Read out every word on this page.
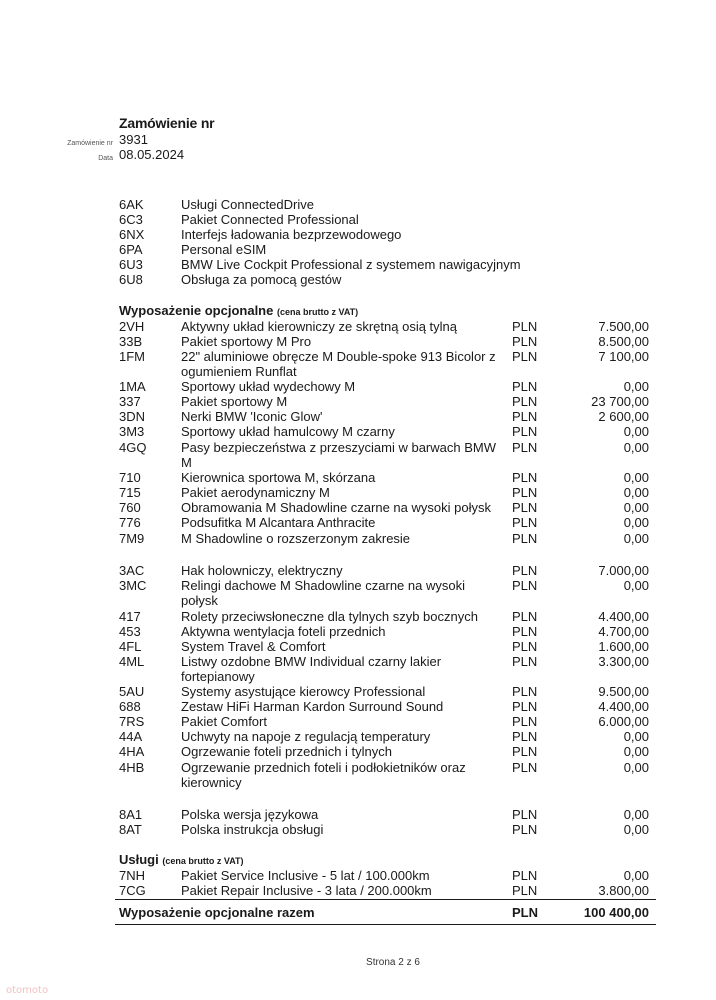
Zamówienie nr
Zamówienie nr 3931
Data 08.05.2024
6AK	Usługi ConnectedDrive
6C3	Pakiet Connected Professional
6NX	Interfejs ładowania bezprzewodowego
6PA	Personal eSIM
6U3	BMW Live Cockpit Professional z systemem nawigacyjnym
6U8	Obsługa za pomocą gestów
Wyposażenie opcjonalne (cena brutto z VAT)
2VH	Aktywny układ kierowniczy ze skrętną osią tylną	PLN	7.500,00
33B	Pakiet sportowy M Pro	PLN	8.500,00
1FM	22" aluminiowe obręcze M Double-spoke 913 Bicolor z	PLN	7 100,00
ogumieniem Runflat
1MA	Sportowy układ wydechowy M	PLN	0,00
337	Pakiet sportowy M	PLN	23 700,00
3DN	Nerki BMW 'Iconic Glow'	PLN	2 600,00
3M3	Sportowy układ hamulcowy M czarny	PLN	0,00
4GQ	Pasy bezpieczeństwa z przeszyciami w barwach BMW	PLN	0,00
M
710	Kierownica sportowa M, skórzana	PLN	0,00
715	Pakiet aerodynamiczny M	PLN	0,00
760	Obramowania M Shadowline czarne na wysoki połysk	PLN	0,00
776	Podsufitka M Alcantara Anthracite	PLN	0,00
7M9	M Shadowline o rozszerzonym zakresie	PLN	0,00
3AC	Hak holowniczy, elektryczny	PLN	7.000,00
3MC	Relingi dachowe M Shadowline czarne na wysoki	PLN	0,00
połysk
417	Rolety przeciwsłoneczne dla tylnych szyb bocznych	PLN	4.400,00
453	Aktywna wentylacja foteli przednich	PLN	4.700,00
4FL	System Travel & Comfort	PLN	1.600,00
4ML	Listwy ozdobne BMW Individual czarny lakier	PLN	3.300,00
fortepianowy
5AU	Systemy asystujące kierowcy Professional	PLN	9.500,00
688	Zestaw HiFi Harman Kardon Surround Sound	PLN	4.400,00
7RS	Pakiet Comfort	PLN	6.000,00
44A	Uchwyty na napoje z regulacją temperatury	PLN	0,00
4HA	Ogrzewanie foteli przednich i tylnych	PLN	0,00
4HB	Ogrzewanie przednich foteli i podłokietników oraz	PLN	0,00
kierownicy
8A1	Polska wersja językowa	PLN	0,00
8AT	Polska instrukcja obsługi	PLN	0,00
Usługi (cena brutto z VAT)
7NH	Pakiet Service Inclusive - 5 lat / 100.000km	PLN	0,00
7CG	Pakiet Repair Inclusive - 3 lata / 200.000km	PLN	3.800,00
Wyposażenie opcjonalne razem	PLN	100 400,00
Strona 2 z 6
otomoto
